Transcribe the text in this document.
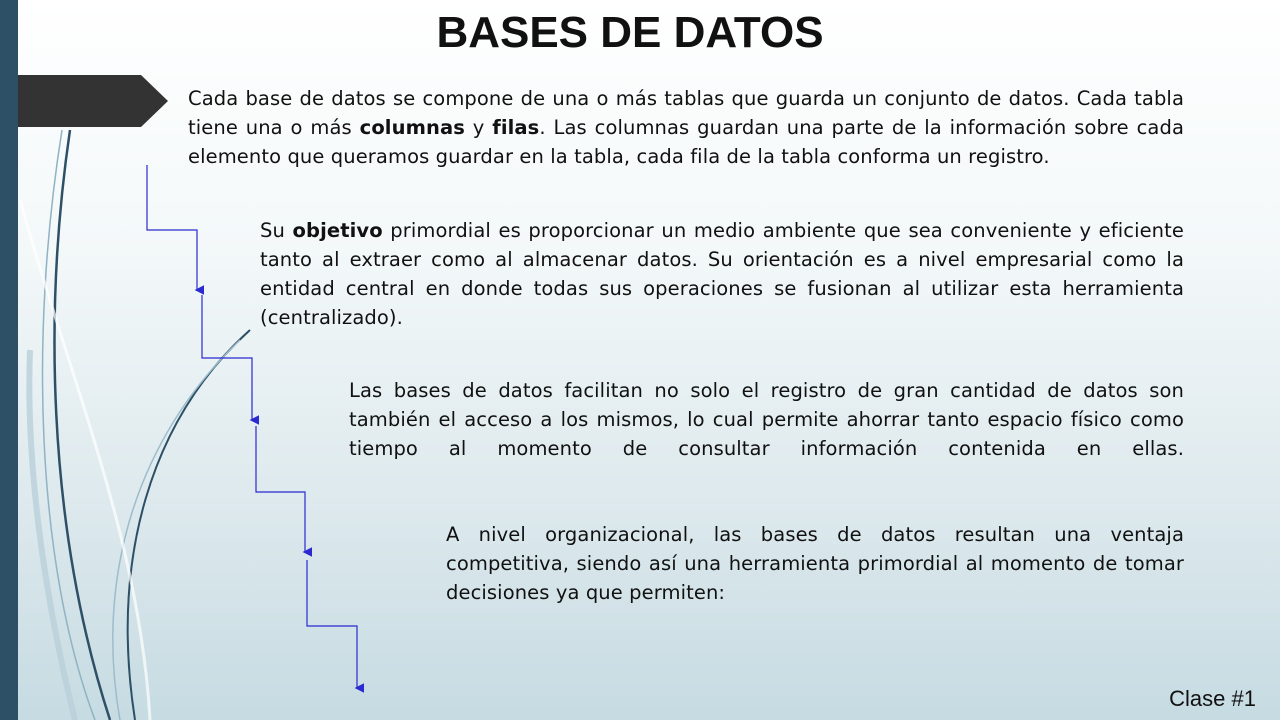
BASES DE DATOS
Cada base de datos se compone de una o más tablas que guarda un conjunto de datos. Cada tabla tiene una o más columnas y filas. Las columnas guardan una parte de la información sobre cada elemento que queramos guardar en la tabla, cada fila de la tabla conforma un registro.
Su objetivo primordial es proporcionar un medio ambiente que sea conveniente y eficiente tanto al extraer como al almacenar datos. Su orientación es a nivel empresarial como la entidad central en donde todas sus operaciones se fusionan al utilizar esta herramienta (centralizado).
Las bases de datos facilitan no solo el registro de gran cantidad de datos son también el acceso a los mismos, lo cual permite ahorrar tanto espacio físico como tiempo al momento de consultar información contenida en ellas.
A nivel organizacional, las bases de datos resultan una ventaja competitiva, siendo así una herramienta primordial al momento de tomar decisiones ya que permiten:
Clase #1
